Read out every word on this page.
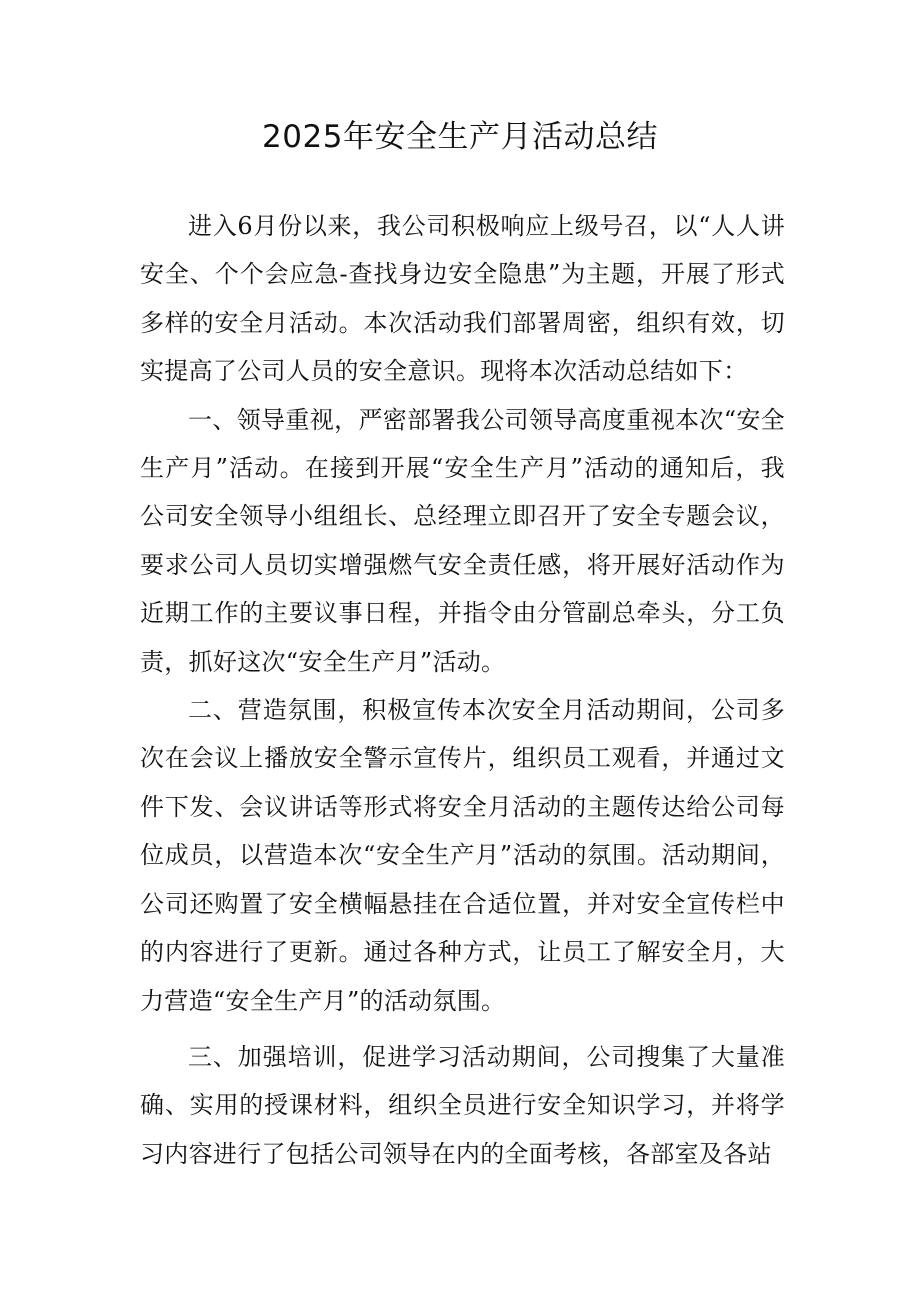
2025年安全生产月活动总结

进入6月份以来，我公司积极响应上级号召，以“人人讲安全、个个会应急-查找身边安全隐患”为主题，开展了形式多样的安全月活动。本次活动我们部署周密，组织有效，切实提高了公司人员的安全意识。现将本次活动总结如下：

一、领导重视，严密部署我公司领导高度重视本次“安全生产月”活动。在接到开展“安全生产月”活动的通知后，我公司安全领导小组组长、总经理立即召开了安全专题会议，要求公司人员切实增强燃气安全责任感，将开展好活动作为近期工作的主要议事日程，并指令由分管副总牵头，分工负责，抓好这次“安全生产月”活动。

二、营造氛围，积极宣传本次安全月活动期间，公司多次在会议上播放安全警示宣传片，组织员工观看，并通过文件下发、会议讲话等形式将安全月活动的主题传达给公司每位成员，以营造本次“安全生产月”活动的氛围。活动期间，公司还购置了安全横幅悬挂在合适位置，并对安全宣传栏中的内容进行了更新。通过各种方式，让员工了解安全月，大力营造“安全生产月”的活动氛围。

三、加强培训，促进学习活动期间，公司搜集了大量准确、实用的授课材料，组织全员进行安全知识学习，并将学习内容进行了包括公司领导在内的全面考核，各部室及各站
